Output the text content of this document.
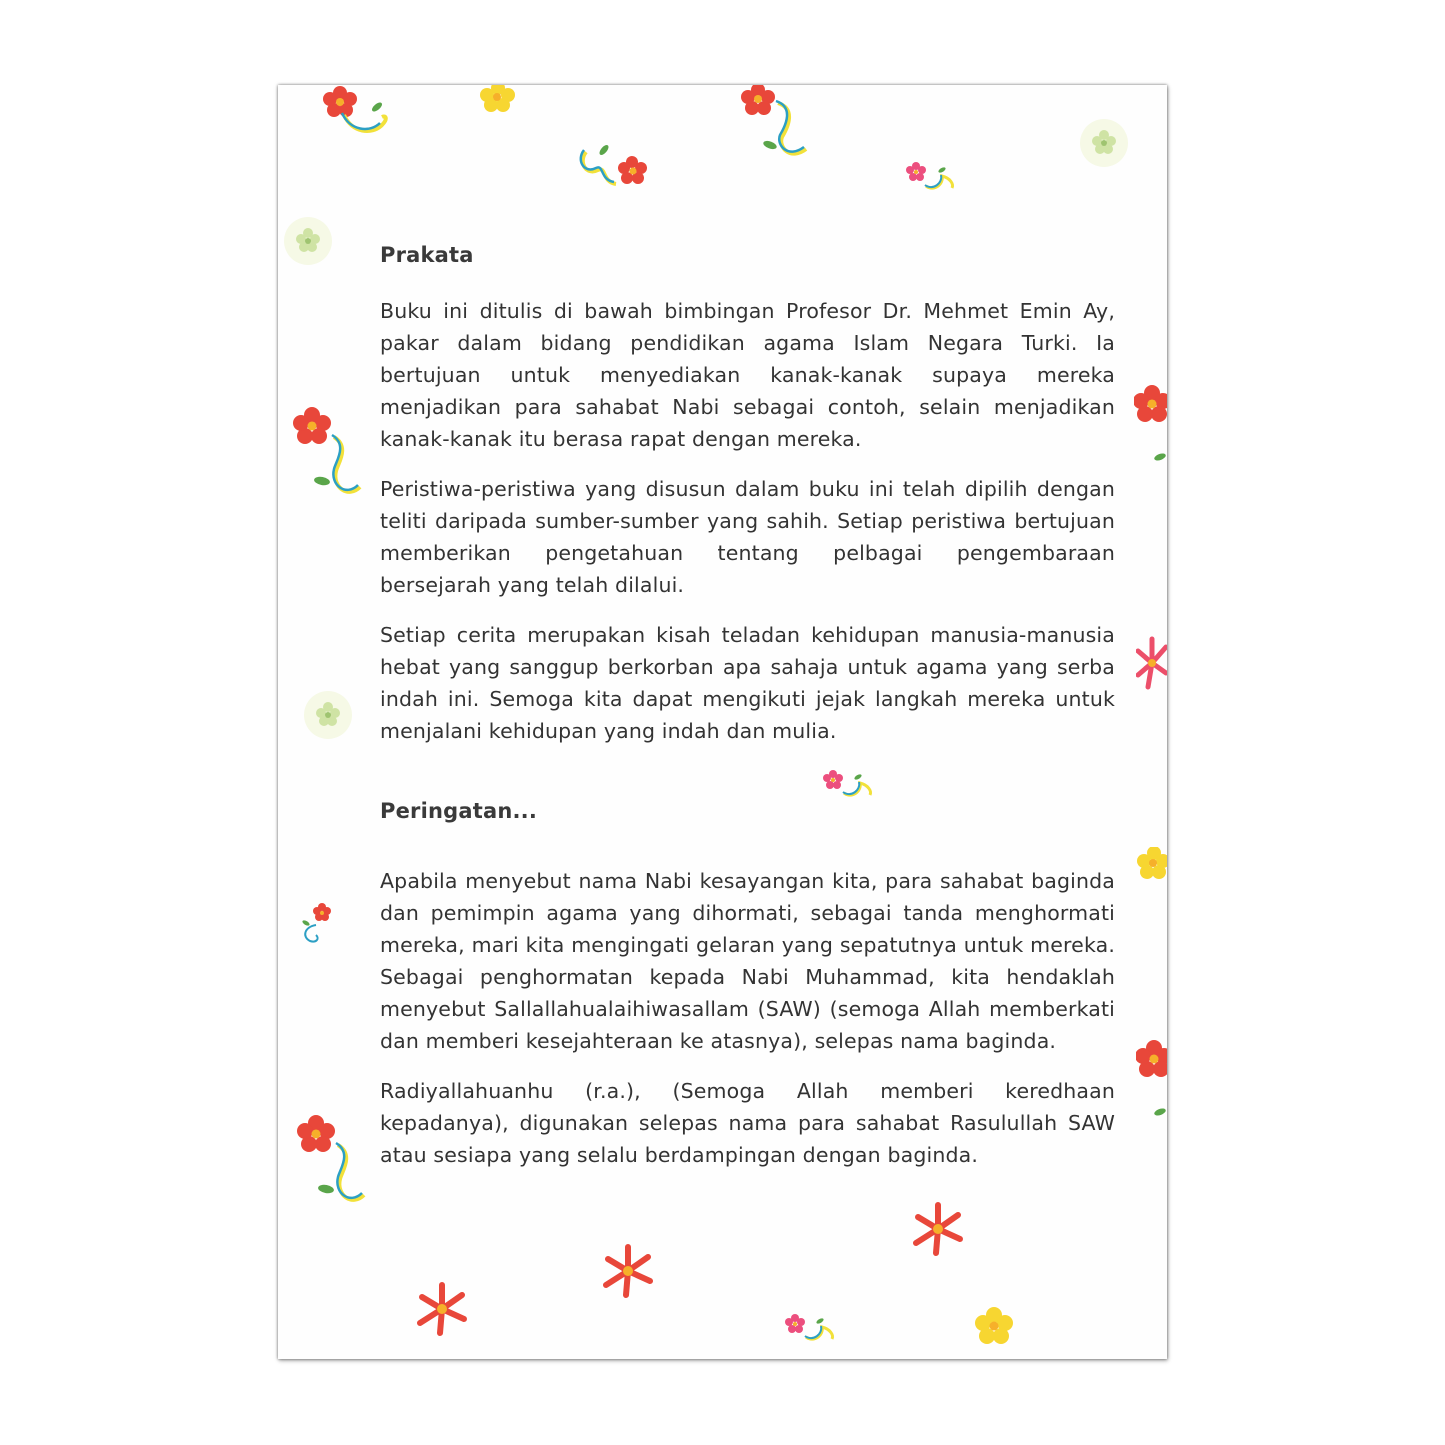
Prakata

Buku ini ditulis di bawah bimbingan Profesor Dr. Mehmet Emin Ay, pakar dalam bidang pendidikan agama Islam Negara Turki. Ia bertujuan untuk menyediakan kanak-kanak supaya mereka menjadikan para sahabat Nabi sebagai contoh, selain menjadikan kanak-kanak itu berasa rapat dengan mereka.

Peristiwa-peristiwa yang disusun dalam buku ini telah dipilih dengan teliti daripada sumber-sumber yang sahih. Setiap peristiwa bertujuan memberikan pengetahuan tentang pelbagai pengembaraan bersejarah yang telah dilalui.

Setiap cerita merupakan kisah teladan kehidupan manusia-manusia hebat yang sanggup berkorban apa sahaja untuk agama yang serba indah ini. Semoga kita dapat mengikuti jejak langkah mereka untuk menjalani kehidupan yang indah dan mulia.

Peringatan...

Apabila menyebut nama Nabi kesayangan kita, para sahabat baginda dan pemimpin agama yang dihormati, sebagai tanda menghormati mereka, mari kita mengingati gelaran yang sepatutnya untuk mereka. Sebagai penghormatan kepada Nabi Muhammad, kita hendaklah menyebut Sallallahualaihiwasallam (SAW) (semoga Allah memberkati dan memberi kesejahteraan ke atasnya), selepas nama baginda.

Radiyallahuanhu (r.a.), (Semoga Allah memberi keredhaan kepadanya), digunakan selepas nama para sahabat Rasulullah SAW atau sesiapa yang selalu berdampingan dengan baginda.
